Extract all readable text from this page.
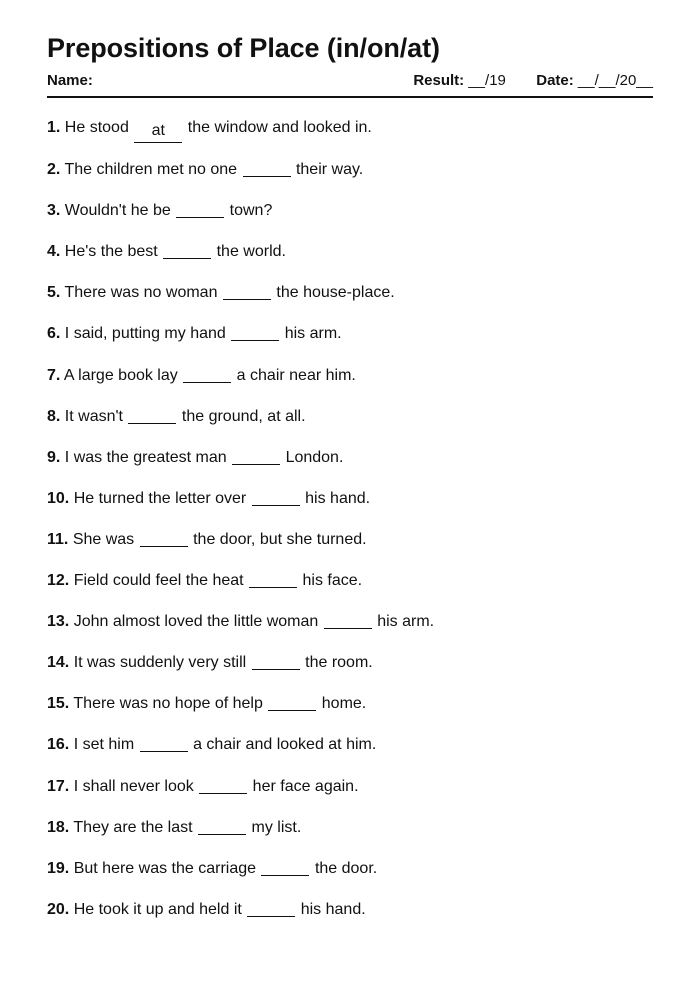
Prepositions of Place (in/on/at)
Name:	Result: __/19 Date: __/__/20__
1. He stood at the window and looked in.
2. The children met no one	their way.
3. Wouldn't he be	town?
4. He's the best	the world.
5. There was no woman	the house-place.
6. I said, putting my hand	his arm.
7. A large book lay	a chair near him.
8. It wasn't	the ground, at all.
9. I was the greatest man	London.
10. He turned the letter over	his hand.
11. She was	the door, but she turned.
12. Field could feel the heat	his face.
13. John almost loved the little woman	his arm.
14. It was suddenly very still	the room.
15. There was no hope of help	home.
16. I set him	a chair and looked at him.
17. I shall never look	her face again.
18. They are the last	my list.
19. But here was the carriage	the door.
20. He took it up and held it	his hand.
